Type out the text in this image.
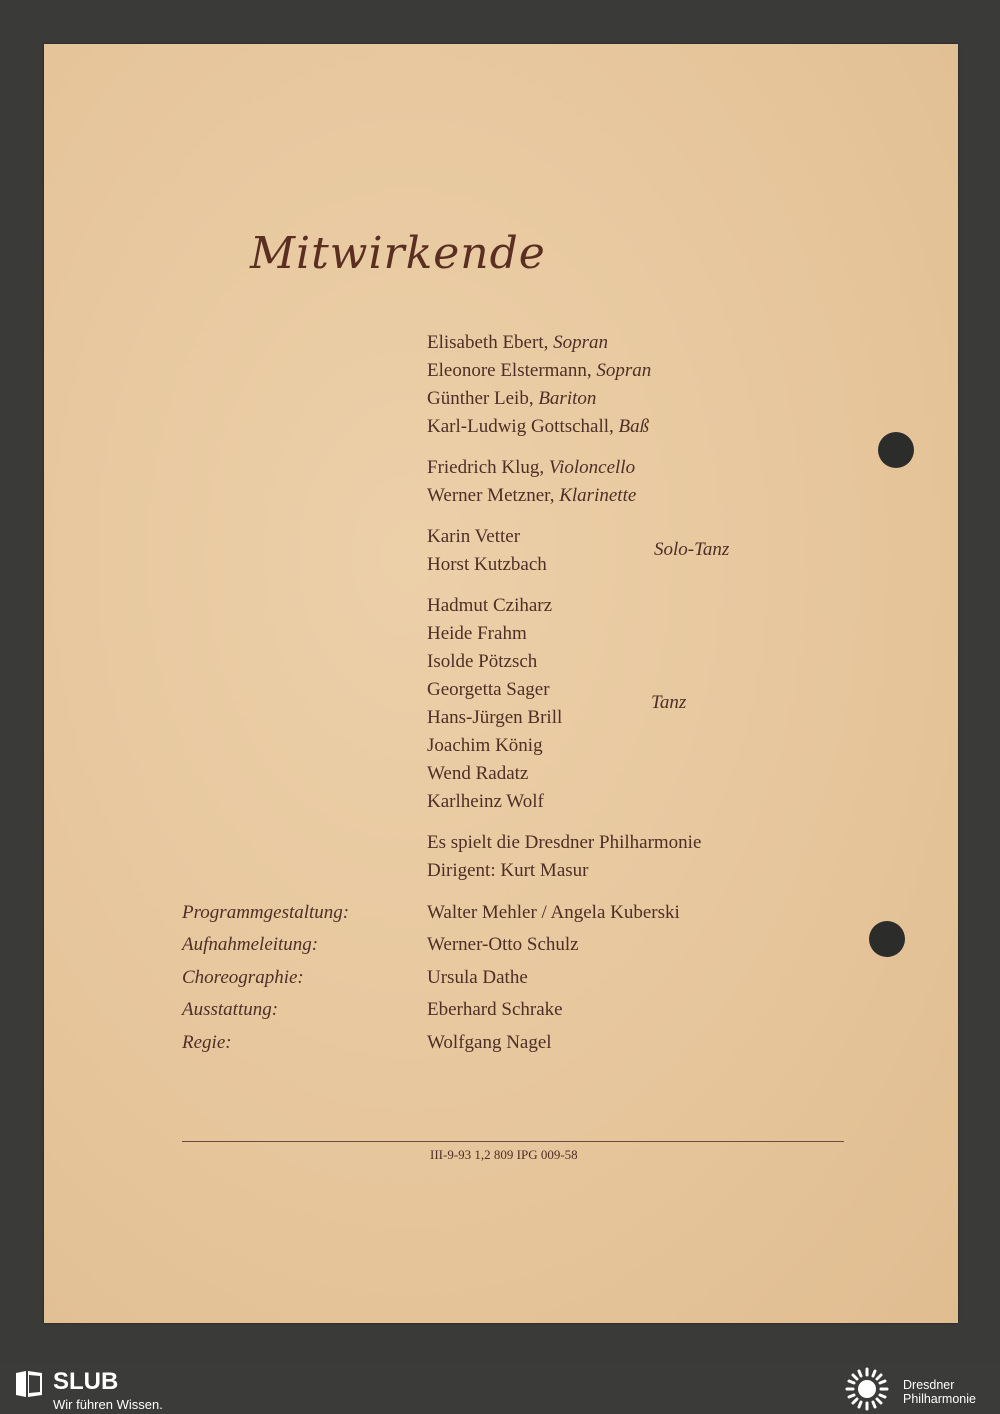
Mitwirkende
Elisabeth Ebert, Sopran
Eleonore Elstermann, Sopran
Günther Leib, Bariton
Karl-Ludwig Gottschall, Baß
Friedrich Klug, Violoncello
Werner Metzner, Klarinette
Karin Vetter
Horst Kutzbach
Solo-Tanz
Hadmut Cziharz
Heide Frahm
Isolde Pötzsch
Georgetta Sager
Hans-Jürgen Brill
Joachim König
Wend Radatz
Karlheinz Wolf
Tanz
Es spielt die Dresdner Philharmonie
Dirigent: Kurt Masur
Programmgestaltung:	Walter Mehler / Angela Kuberski
Aufnahmeleitung:	Werner-Otto Schulz
Choreographie:	Ursula Dathe
Ausstattung:	Eberhard Schrake
Regie:	Wolfgang Nagel
III-9-93 1,2 809 IPG 009-58
SLUB
Wir führen Wissen.
Dresdner
Philharmonie
